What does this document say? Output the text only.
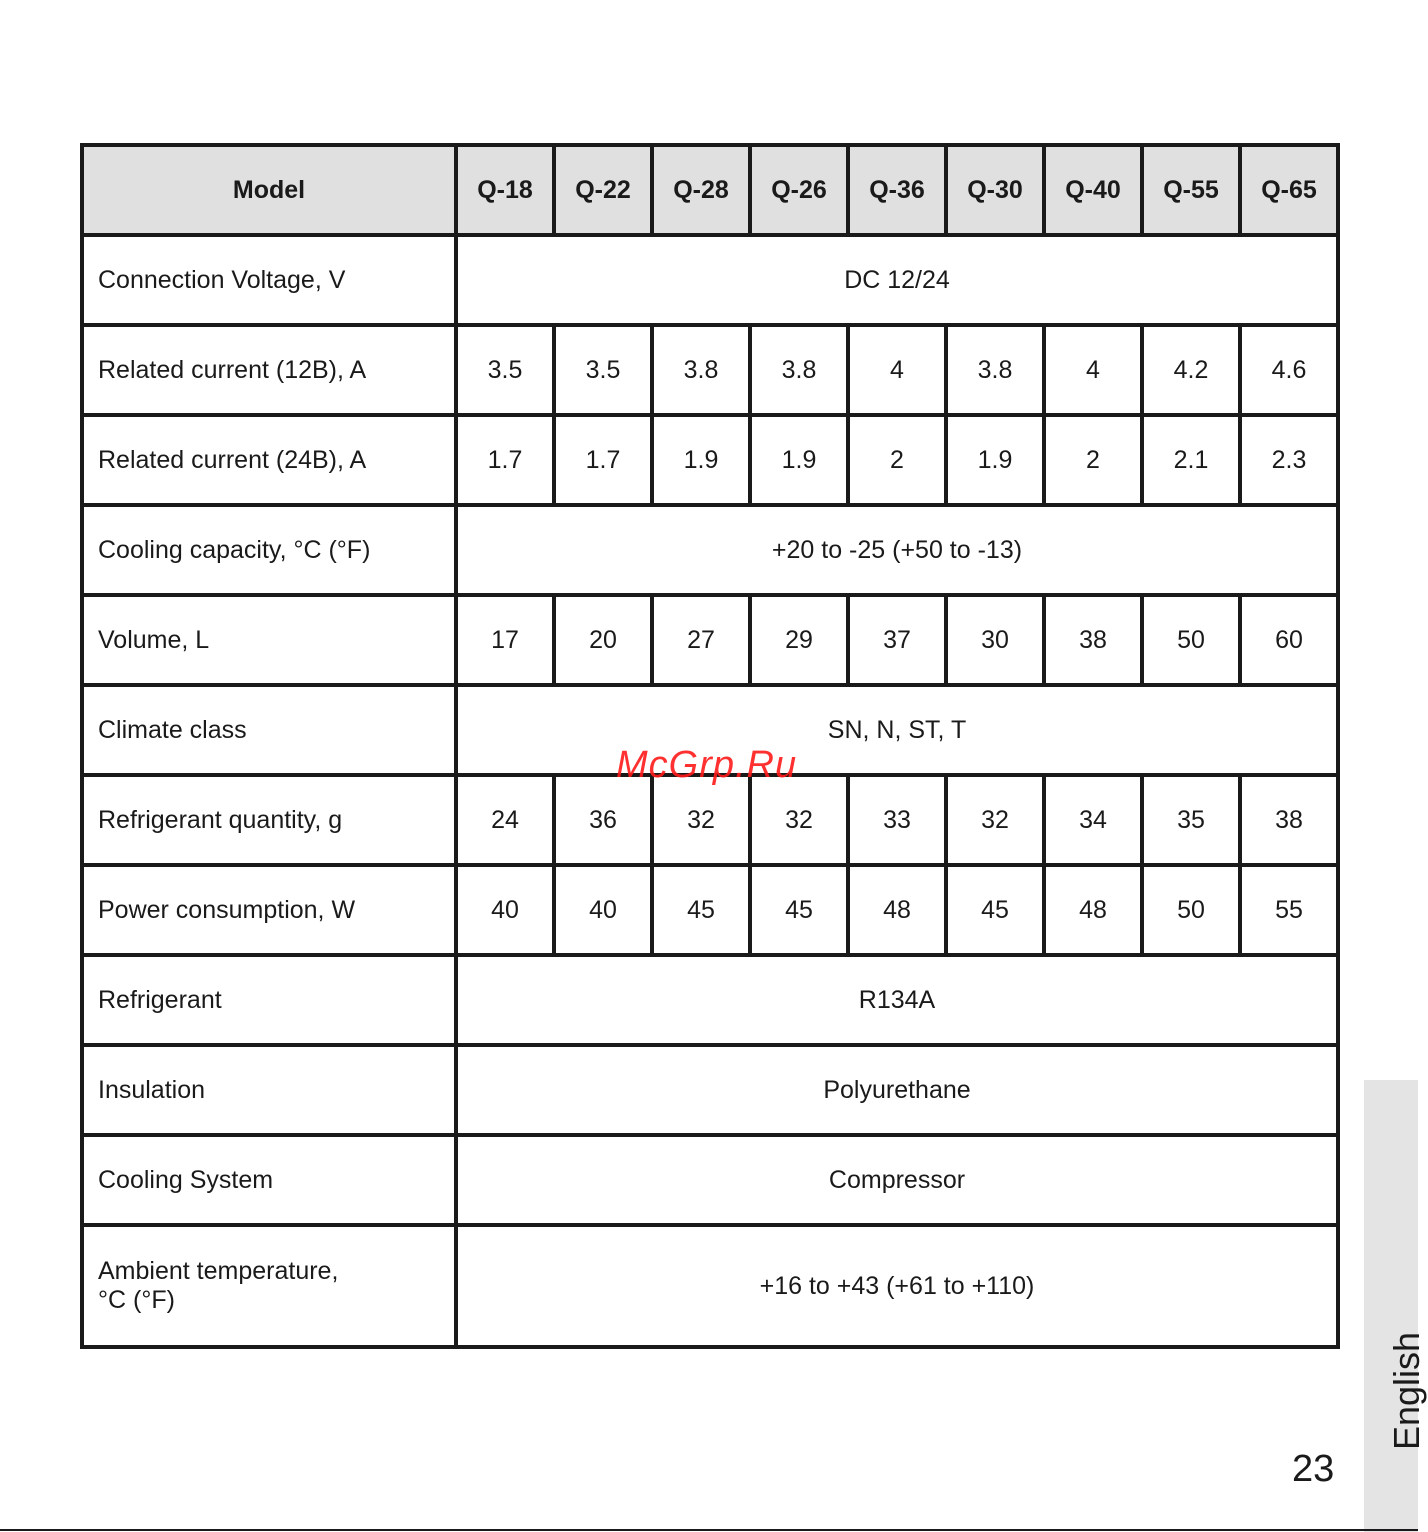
Model	Q-18	Q-22	Q-28	Q-26	Q-36	Q-30	Q-40	Q-55	Q-65
Connection Voltage, V	DC 12/24								
Related current (12B), A	3.5	3.5	3.8	3.8	4	3.8	4	4.2	4.6
Related current (24B), A	1.7	1.7	1.9	1.9	2	1.9	2	2.1	2.3
Cooling capacity, °C (°F)	+20 to -25 (+50 to -13)								
Volume, L	17	20	27	29	37	30	38	50	60
Climate class	SN, N, ST, T								
Refrigerant quantity, g	24	36	32	32	33	32	34	35	38
Power consumption, W	40	40	45	45	48	45	48	50	55
Refrigerant	R134A								
Insulation	Polyurethane								
Cooling System	Compressor								

Ambient temperature,
°C (°F)	+16 to +43 (+61 to +110)								
McGrp.Ru
English
23
